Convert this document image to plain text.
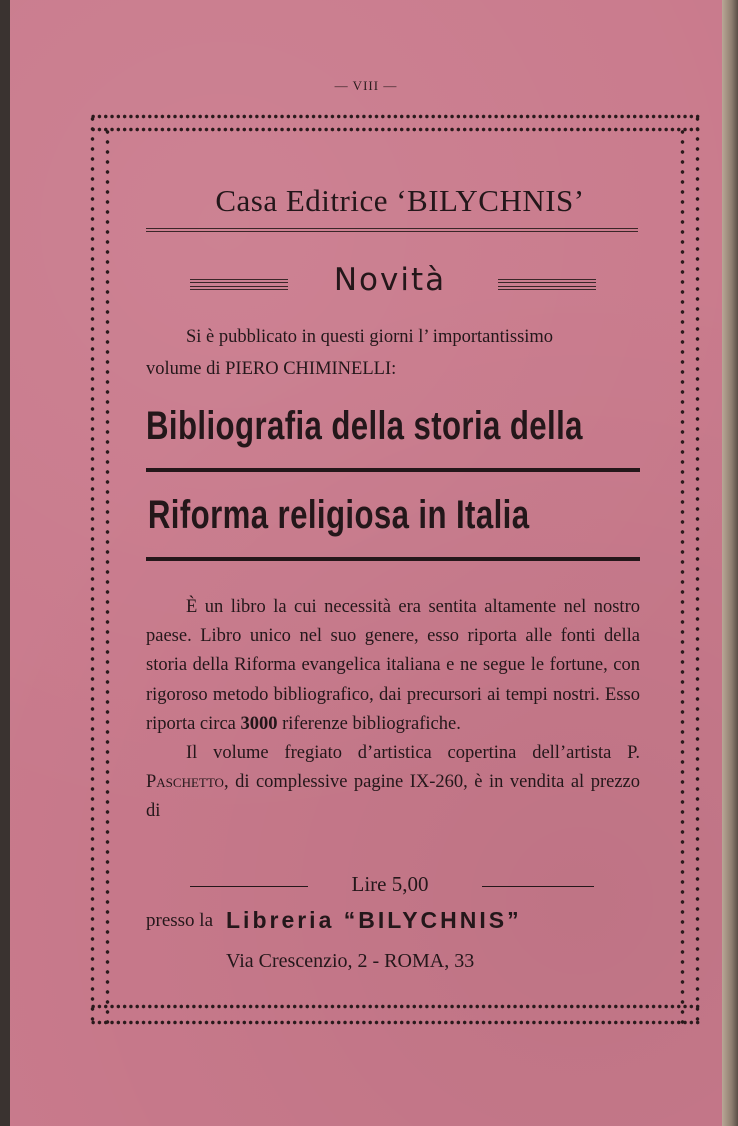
— VIII —
Casa Editrice ‘BILYCHNIS’
Novità
Si è pubblicato in questi giorni l’ importantissimo
volume di PIERO CHIMINELLI:
Bibliografia della storia della
Riforma religiosa in Italia

È un libro la cui necessità era sentita altamente nel nostro paese. Libro unico nel suo genere, esso riporta alle fonti della storia della Riforma evangelica italiana e ne segue le fortune, con rigoroso metodo bibliografico, dai precursori ai tempi nostri. Esso riporta circa 3000 riferenze bibliografiche.

Il volume fregiato d’artistica copertina dell’artista P. Paschetto, di complessive pagine IX-260, è in vendita al prezzo di

Lire 5,00
presso la Libreria “BILYCHNIS”
Via Crescenzio, 2 - ROMA, 33
